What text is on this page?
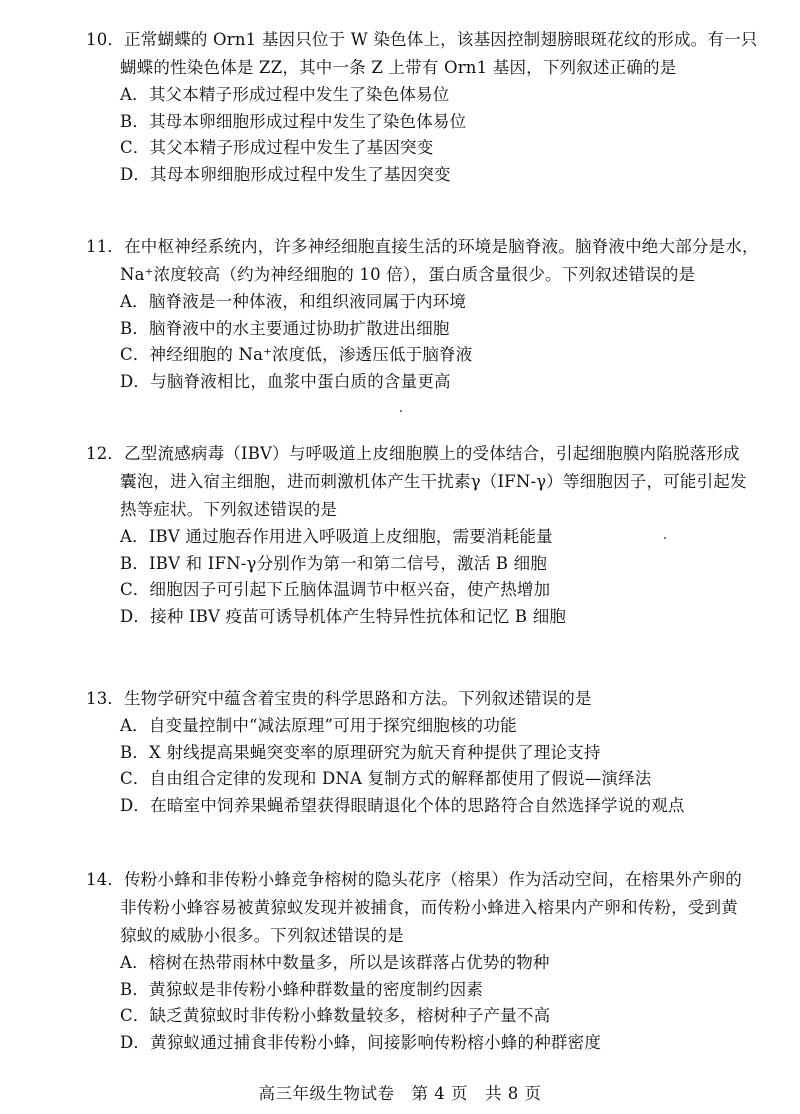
10．正常蝴蝶的 Orn1 基因只位于 W 染色体上，该基因控制翅膀眼斑花纹的形成。有一只
蝴蝶的性染色体是 ZZ，其中一条 Z 上带有 Orn1 基因，下列叙述正确的是
A．其父本精子形成过程中发生了染色体易位
B．其母本卵细胞形成过程中发生了染色体易位
C．其父本精子形成过程中发生了基因突变
D．其母本卵细胞形成过程中发生了基因突变
11．在中枢神经系统内，许多神经细胞直接生活的环境是脑脊液。脑脊液中绝大部分是水，
Na⁺浓度较高（约为神经细胞的 10 倍），蛋白质含量很少。下列叙述错误的是
A．脑脊液是一种体液，和组织液同属于内环境
B．脑脊液中的水主要通过协助扩散进出细胞
C．神经细胞的 Na⁺浓度低，渗透压低于脑脊液
D．与脑脊液相比，血浆中蛋白质的含量更高
12．乙型流感病毒（IBV）与呼吸道上皮细胞膜上的受体结合，引起细胞膜内陷脱落形成
囊泡，进入宿主细胞，进而刺激机体产生干扰素γ（IFN-γ）等细胞因子，可能引起发
热等症状。下列叙述错误的是
A．IBV 通过胞吞作用进入呼吸道上皮细胞，需要消耗能量
B．IBV 和 IFN-γ分别作为第一和第二信号，激活 B 细胞
C．细胞因子可引起下丘脑体温调节中枢兴奋，使产热增加
D．接种 IBV 疫苗可诱导机体产生特异性抗体和记忆 B 细胞
13．生物学研究中蕴含着宝贵的科学思路和方法。下列叙述错误的是
A．自变量控制中“减法原理”可用于探究细胞核的功能
B．X 射线提高果蝇突变率的原理研究为航天育种提供了理论支持
C．自由组合定律的发现和 DNA 复制方式的解释都使用了假说—演绎法
D．在暗室中饲养果蝇希望获得眼睛退化个体的思路符合自然选择学说的观点
14．传粉小蜂和非传粉小蜂竞争榕树的隐头花序（榕果）作为活动空间，在榕果外产卵的
非传粉小蜂容易被黄猄蚁发现并被捕食，而传粉小蜂进入榕果内产卵和传粉，受到黄
猄蚁的威胁小很多。下列叙述错误的是
A．榕树在热带雨林中数量多，所以是该群落占优势的物种
B．黄猄蚁是非传粉小蜂种群数量的密度制约因素
C．缺乏黄猄蚁时非传粉小蜂数量较多，榕树种子产量不高
D．黄猄蚁通过捕食非传粉小蜂，间接影响传粉榕小蜂的种群密度
高三年级生物试卷　第 4 页　共 8 页
